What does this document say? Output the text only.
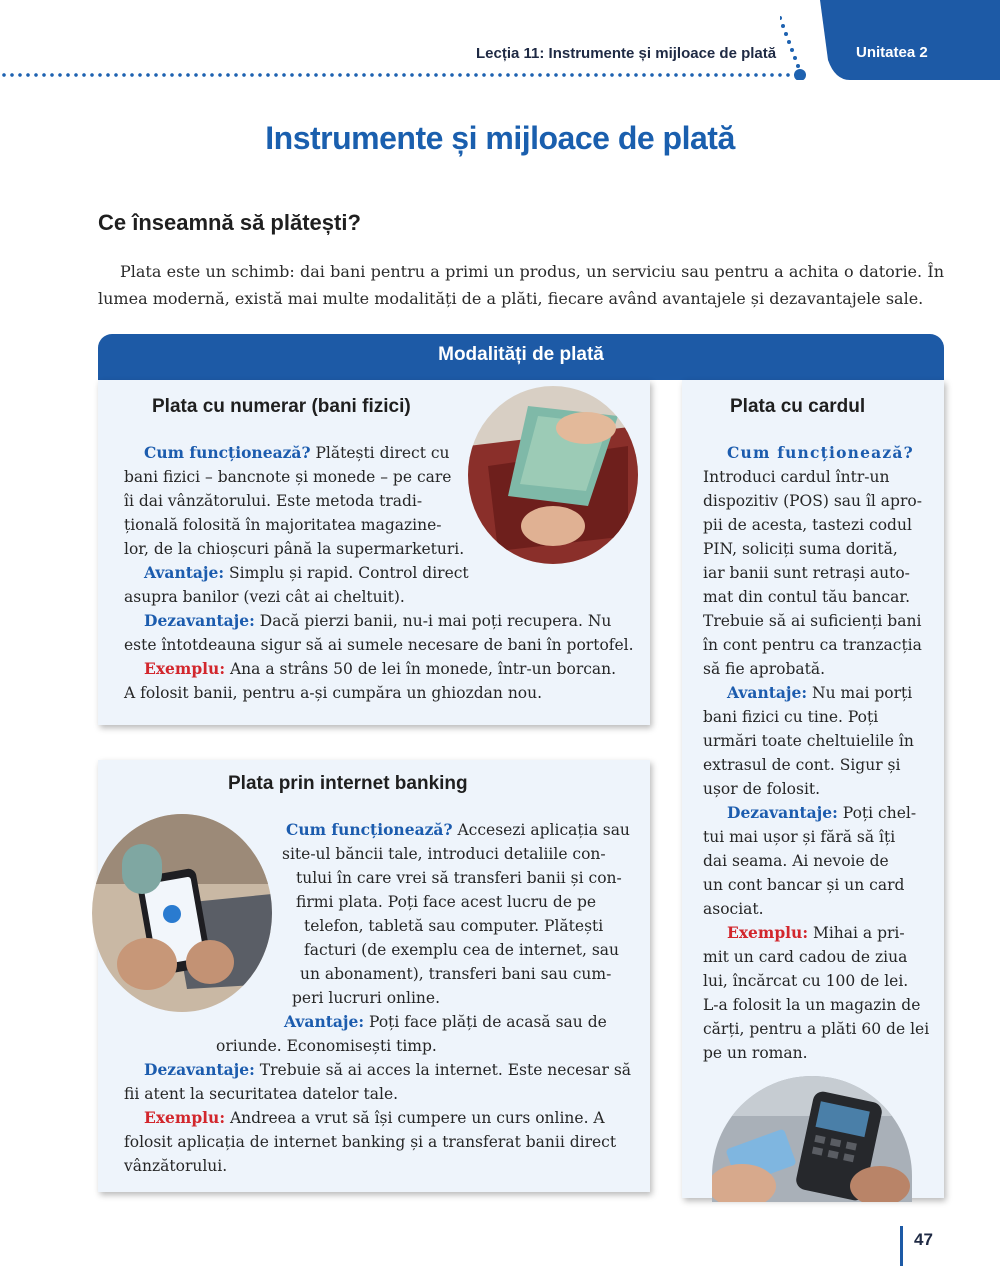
Lecția 11: Instrumente și mijloace de plată	Unitatea 2
Instrumente și mijloace de plată
Ce înseamnă să plătești?
Plata este un schimb: dai bani pentru a primi un produs, un serviciu sau pentru a achita o datorie. În lumea modernă, există mai multe modalități de a plăti, fiecare având avantajele și dezavantajele sale.
Modalități de plată
Plata cu numerar (bani fizici)
Cum funcționează? Plătești direct cu
bani fizici – bancnote și monede – pe care
îi dai vânzătorului. Este metoda tradi-
țională folosită în majoritatea magazine-
lor, de la chioșcuri până la supermarketuri.
Avantaje: Simplu și rapid. Control direct
asupra banilor (vezi cât ai cheltuit).
Dezavantaje: Dacă pierzi banii, nu-i mai poți recupera. Nu
este întotdeauna sigur să ai sumele necesare de bani în portofel.
Exemplu: Ana a strâns 50 de lei în monede, într-un borcan.
A folosit banii, pentru a-și cumpăra un ghiozdan nou.
Plata prin internet banking
Cum funcționează? Accesezi aplicația sau
site-ul băncii tale, introduci detaliile con-
tului în care vrei să transferi banii și con-
firmi plata. Poți face acest lucru de pe
telefon, tabletă sau computer. Plătești
facturi (de exemplu cea de internet, sau
un abonament), transferi bani sau cum-
peri lucruri online.
Avantaje: Poți face plăți de acasă sau de
oriunde. Economisești timp.
Dezavantaje: Trebuie să ai acces la internet. Este necesar să
fii atent la securitatea datelor tale.
Exemplu: Andreea a vrut să își cumpere un curs online. A
folosit aplicația de internet banking și a transferat banii direct
vânzătorului.
Plata cu cardul
Cum funcționează?
Introduci cardul într-un
dispozitiv (POS) sau îl apro-
pii de acesta, tastezi codul
PIN, soliciți suma dorită,
iar banii sunt retrași auto-
mat din contul tău bancar.
Trebuie să ai suficienți bani
în cont pentru ca tranzacția
să fie aprobată.
Avantaje: Nu mai porți
bani fizici cu tine. Poți
urmări toate cheltuielile în
extrasul de cont. Sigur și
ușor de folosit.
Dezavantaje: Poți chel-
tui mai ușor și fără să îți
dai seama. Ai nevoie de
un cont bancar și un card
asociat.
Exemplu: Mihai a pri-
mit un card cadou de ziua
lui, încărcat cu 100 de lei.
L-a folosit la un magazin de
cărți, pentru a plăti 60 de lei
pe un roman.
47
